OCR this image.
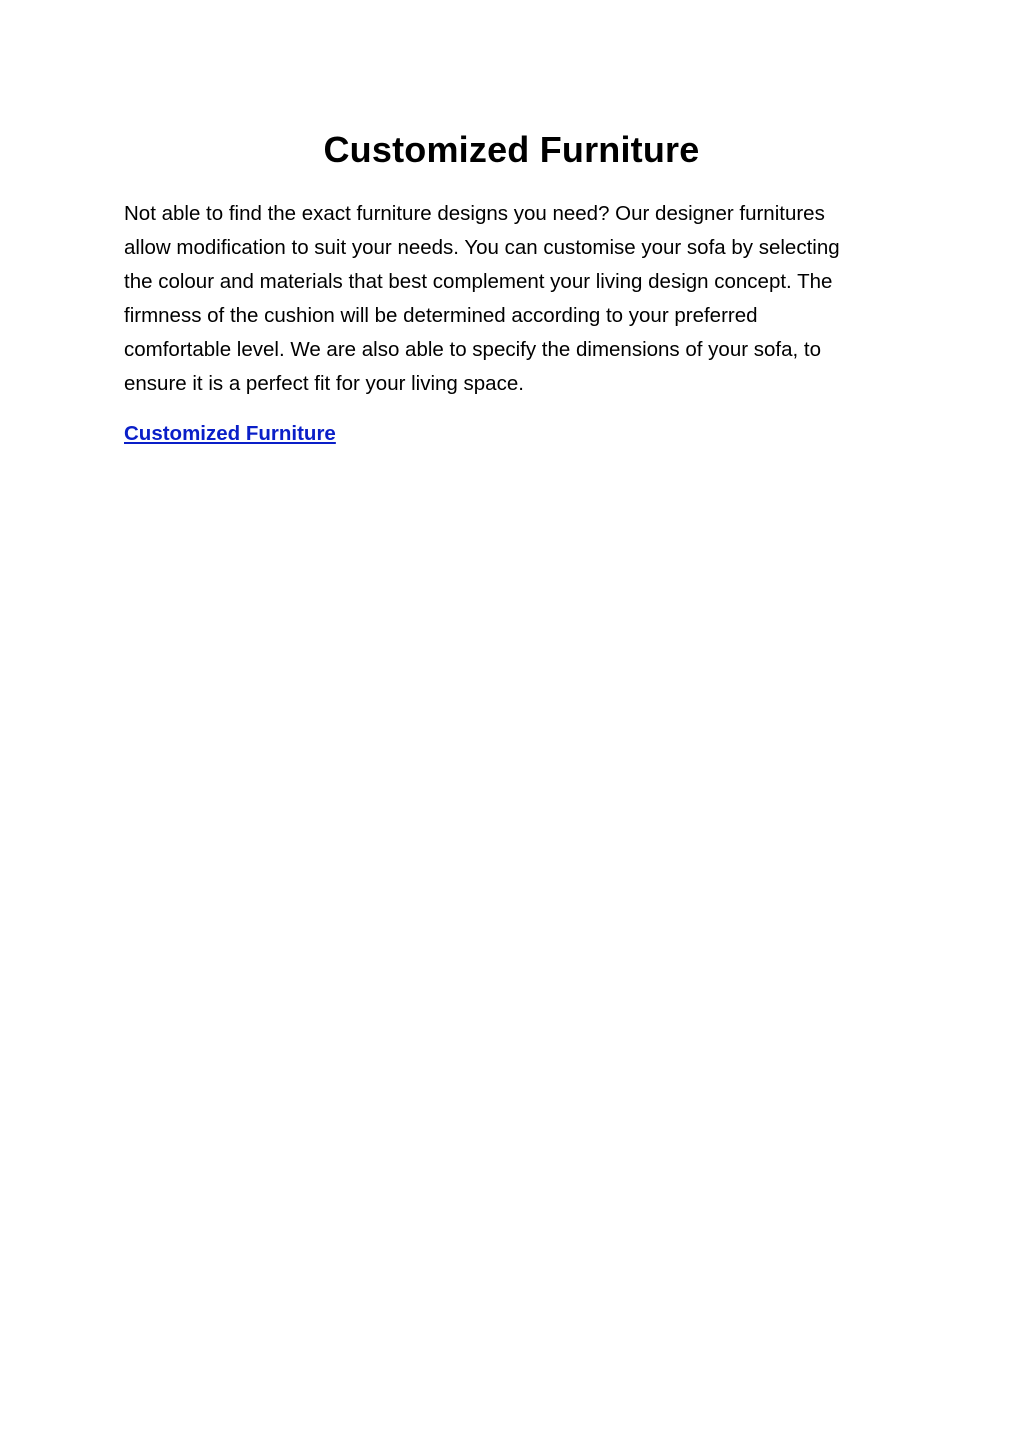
Customized Furniture

Not able to find the exact furniture designs you need? Our designer furnitures
allow modification to suit your needs. You can customise your sofa by selecting
the colour and materials that best complement your living design concept. The
firmness of the cushion will be determined according to your preferred
comfortable level. We are also able to specify the dimensions of your sofa, to
ensure it is a perfect fit for your living space.

Customized Furniture
